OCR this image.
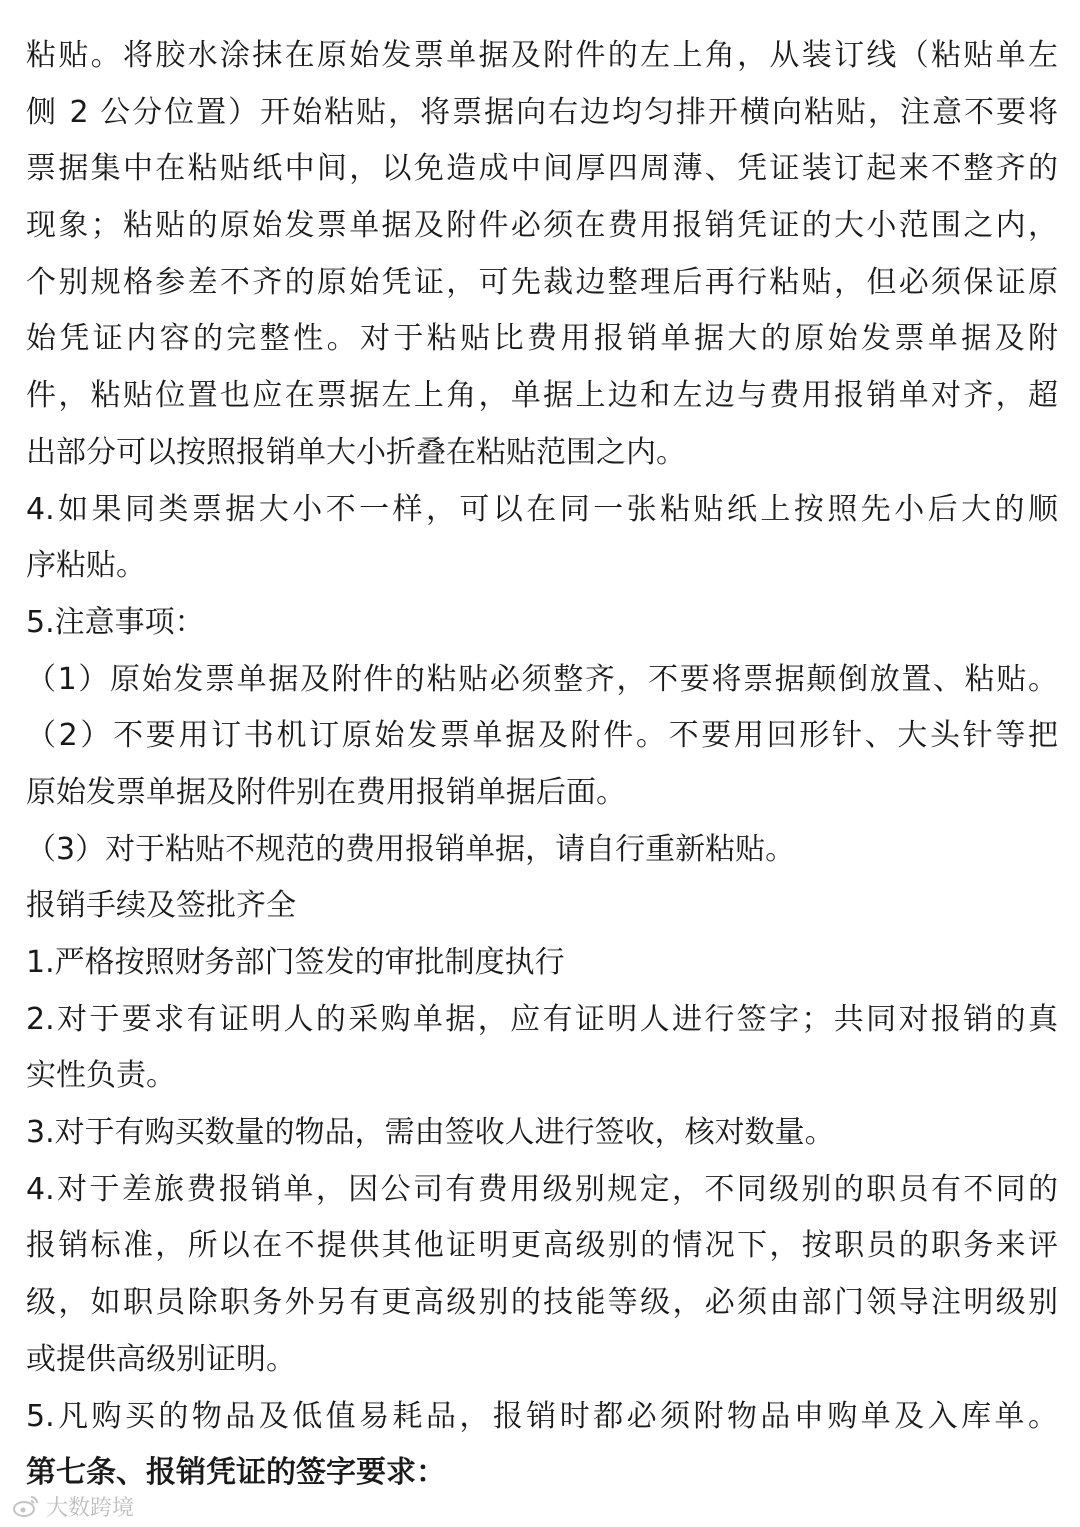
粘贴。将胶水涂抹在原始发票单据及附件的左上角，从装订线（粘贴单左
侧 2 公分位置）开始粘贴，将票据向右边均匀排开横向粘贴，注意不要将
票据集中在粘贴纸中间，以免造成中间厚四周薄、凭证装订起来不整齐的
现象；粘贴的原始发票单据及附件必须在费用报销凭证的大小范围之内，
个别规格参差不齐的原始凭证，可先裁边整理后再行粘贴，但必须保证原
始凭证内容的完整性。对于粘贴比费用报销单据大的原始发票单据及附
件，粘贴位置也应在票据左上角，单据上边和左边与费用报销单对齐，超
出部分可以按照报销单大小折叠在粘贴范围之内。
4.如果同类票据大小不一样，可以在同一张粘贴纸上按照先小后大的顺
序粘贴。
5.注意事项：
（1）原始发票单据及附件的粘贴必须整齐，不要将票据颠倒放置、粘贴。
（2）不要用订书机订原始发票单据及附件。不要用回形针、大头针等把
原始发票单据及附件别在费用报销单据后面。
（3）对于粘贴不规范的费用报销单据，请自行重新粘贴。
报销手续及签批齐全
1.严格按照财务部门签发的审批制度执行
2.对于要求有证明人的采购单据，应有证明人进行签字；共同对报销的真
实性负责。
3.对于有购买数量的物品，需由签收人进行签收，核对数量。
4.对于差旅费报销单，因公司有费用级别规定，不同级别的职员有不同的
报销标准，所以在不提供其他证明更高级别的情况下，按职员的职务来评
级，如职员除职务外另有更高级别的技能等级，必须由部门领导注明级别
或提供高级别证明。
5.凡购买的物品及低值易耗品，报销时都必须附物品申购单及入库单。
第七条、报销凭证的签字要求：
大数跨境
